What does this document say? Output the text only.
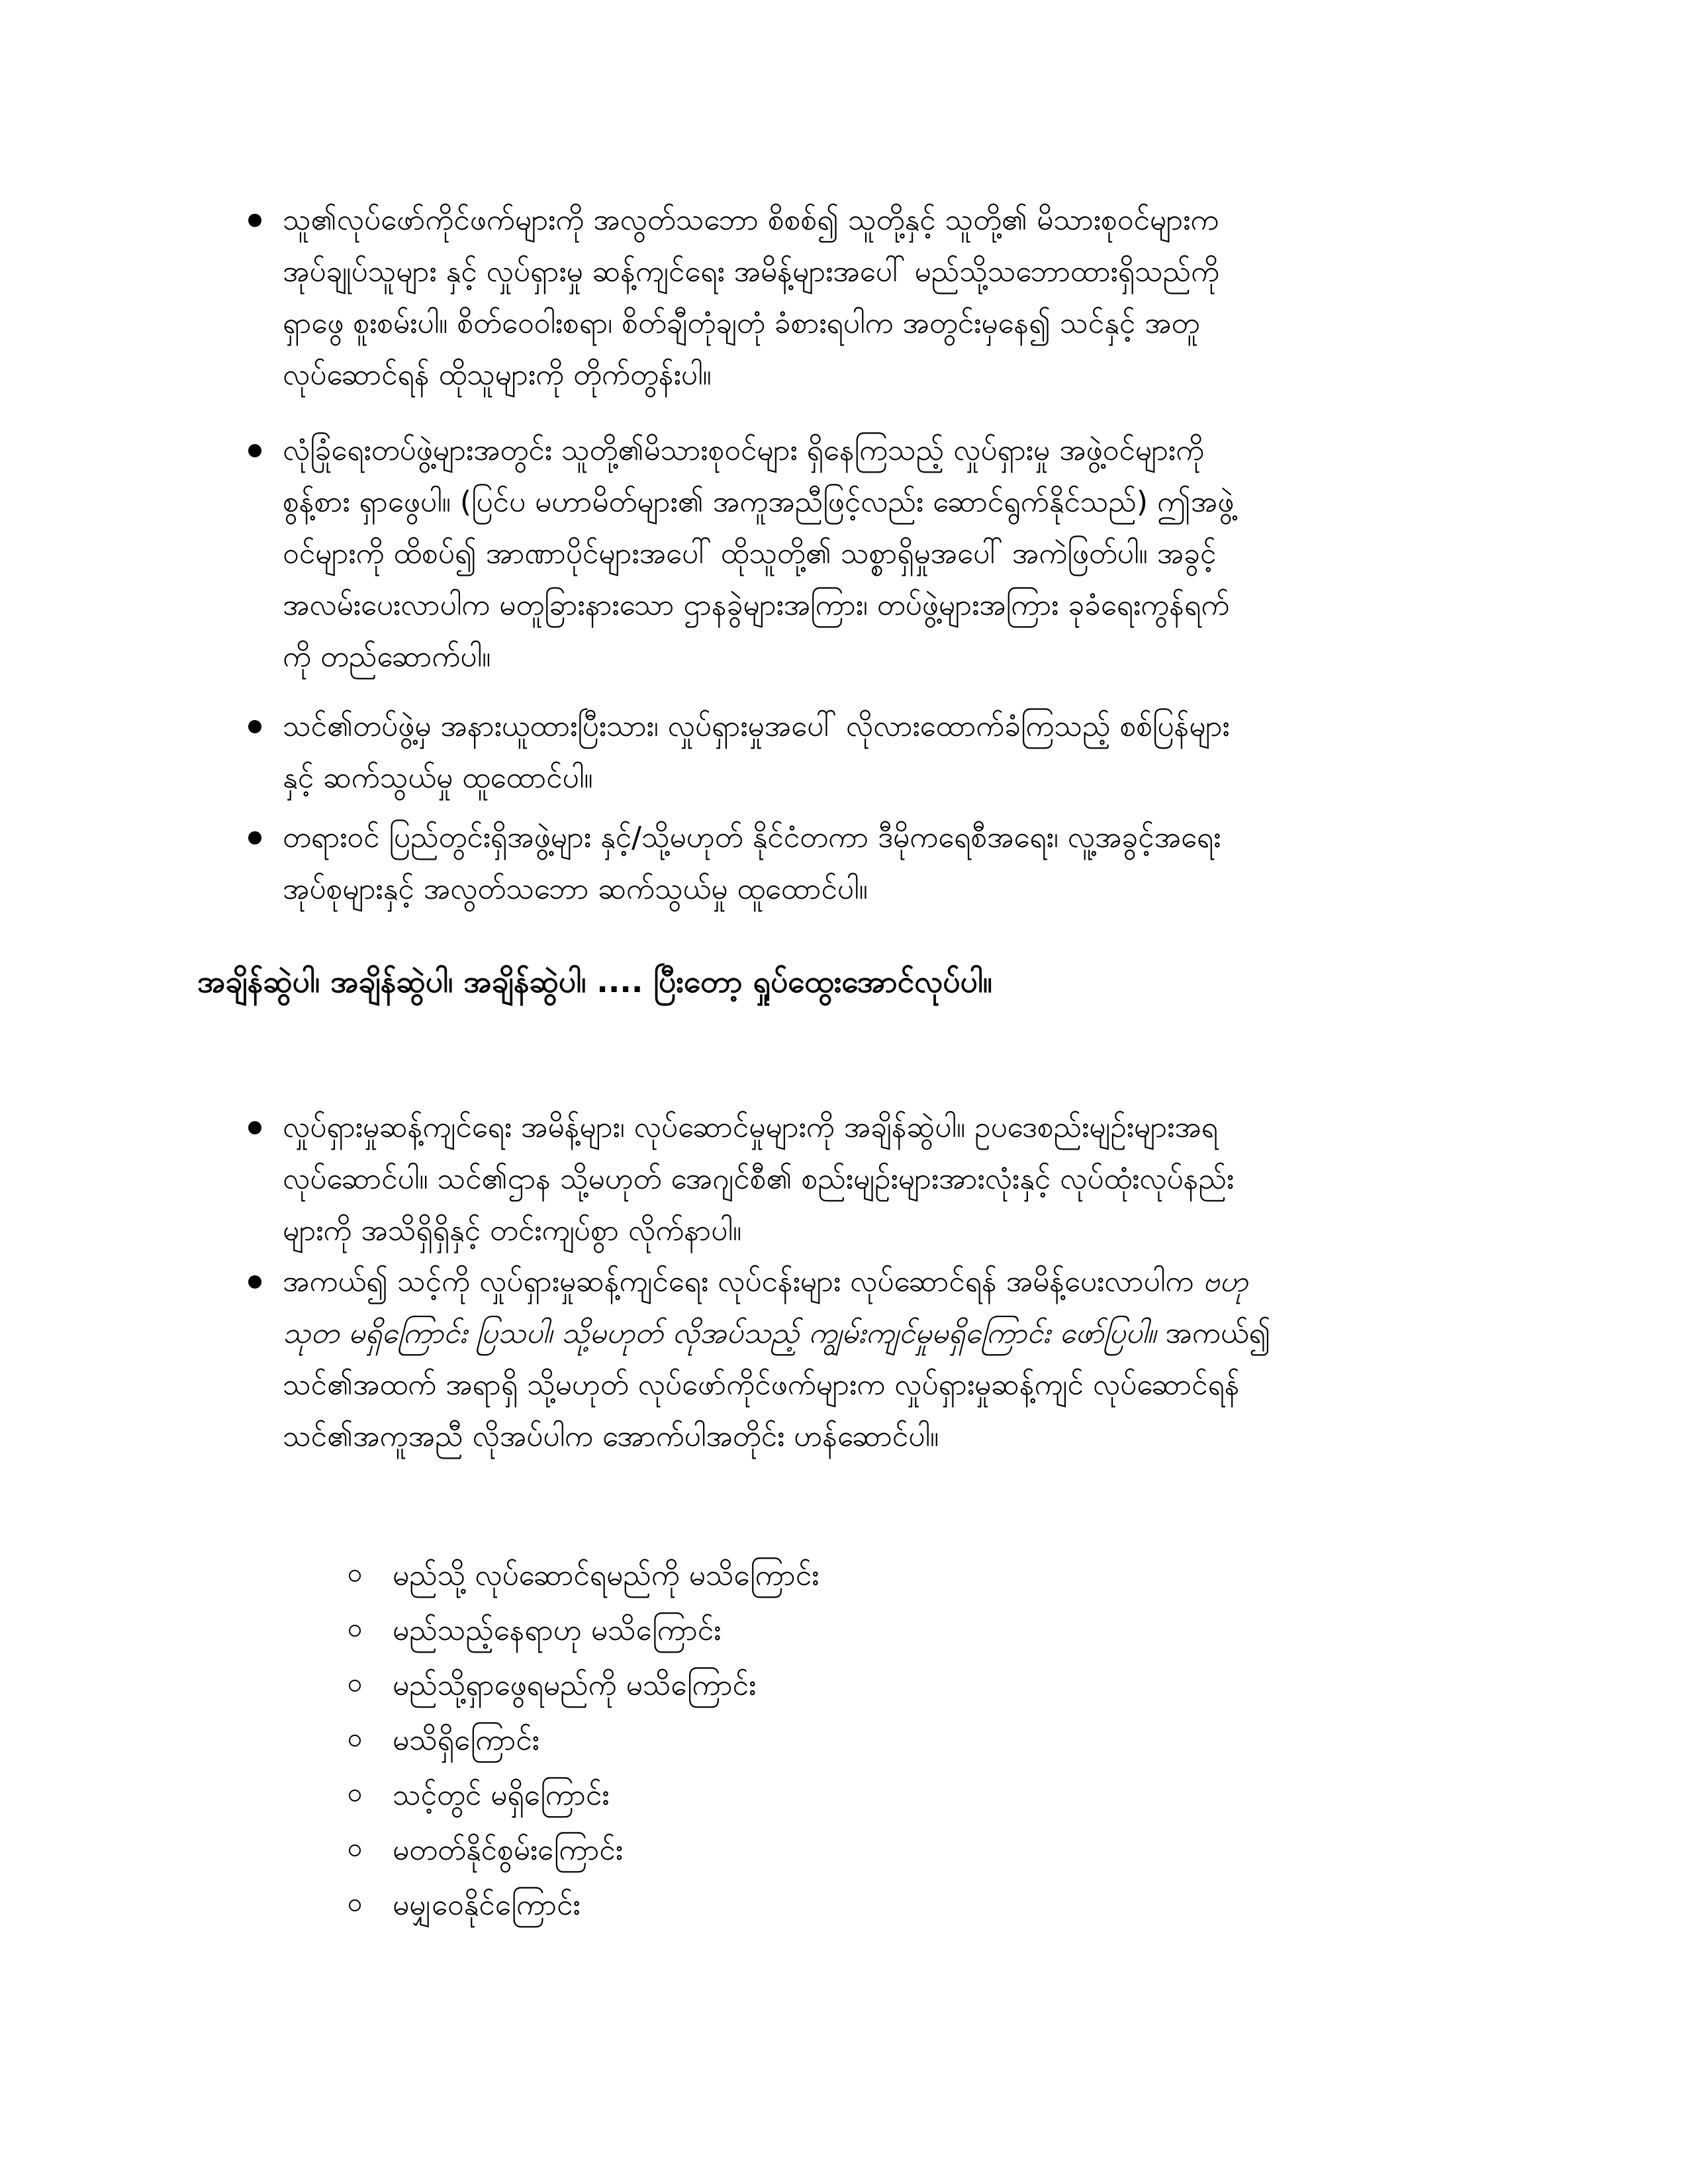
သူ၏လုပ်ဖော်ကိုင်ဖက်များကို အလွတ်သဘော စိစစ်၍ သူတို့နှင့် သူတို့၏ မိသားစုဝင်များက
အုပ်ချုပ်သူများ နှင့် လှုပ်ရှားမှု ဆန့်ကျင်ရေး အမိန့်များအပေါ် မည်သို့သဘောထားရှိသည်ကို
ရှာဖွေ စူးစမ်းပါ။ စိတ်ဝေဝါးစရာ၊ စိတ်ချီတုံချတုံ ခံစားရပါက အတွင်းမှနေ၍ သင်နှင့် အတူ
လုပ်ဆောင်ရန် ထိုသူများကို တိုက်တွန်းပါ။
လုံခြုံရေးတပ်ဖွဲ့များအတွင်း သူတို့၏မိသားစုဝင်များ ရှိနေကြသည့် လှုပ်ရှားမှု အဖွဲ့ဝင်များကို
စွန့်စား ရှာဖွေပါ။ (ပြင်ပ မဟာမိတ်များ၏ အကူအညီဖြင့်လည်း ဆောင်ရွက်နိုင်သည်) ဤအဖွဲ့
ဝင်များကို ထိစပ်၍ အာဏာပိုင်များအပေါ် ထိုသူတို့၏ သစ္စာရှိမှုအပေါ် အကဲဖြတ်ပါ။ အခွင့်
အလမ်းပေးလာပါက မတူခြားနားသော ဌာနခွဲများအကြား၊ တပ်ဖွဲ့များအကြား ခုခံရေးကွန်ရက်
ကို တည်ဆောက်ပါ။
သင်၏တပ်ဖွဲ့မှ အနားယူထားပြီးသား၊ လှုပ်ရှားမှုအပေါ် လိုလားထောက်ခံကြသည့် စစ်ပြန်များ
နှင့် ဆက်သွယ်မှု ထူထောင်ပါ။
တရားဝင် ပြည်တွင်းရှိအဖွဲ့များ နှင့်/သို့မဟုတ် နိုင်ငံတကာ ဒီမိုကရေစီအရေး၊ လူ့အခွင့်အရေး
အုပ်စုများနှင့် အလွတ်သဘော ဆက်သွယ်မှု ထူထောင်ပါ။
အချိန်ဆွဲပါ၊ အချိန်ဆွဲပါ၊ အချိန်ဆွဲပါ၊ .... ပြီးတော့ ရှုပ်ထွေးအောင်လုပ်ပါ။
လှုပ်ရှားမှုဆန့်ကျင်ရေး အမိန့်များ၊ လုပ်ဆောင်မှုများကို အချိန်ဆွဲပါ။ ဥပဒေစည်းမျဉ်းများအရ
လုပ်ဆောင်ပါ။ သင်၏ဌာန သို့မဟုတ် အေဂျင်စီ၏ စည်းမျဉ်းများအားလုံးနှင့် လုပ်ထုံးလုပ်နည်း
များကို အသိရှိရှိနှင့် တင်းကျပ်စွာ လိုက်နာပါ။
အကယ်၍ သင့်ကို လှုပ်ရှားမှုဆန့်ကျင်ရေး လုပ်ငန်းများ လုပ်ဆောင်ရန် အမိန့်ပေးလာပါက ဗဟု
သုတ မရှိကြောင်း ပြသပါ၊ သို့မဟုတ် လိုအပ်သည့် ကျွမ်းကျင်မှုမရှိကြောင်း ဖော်ပြပါ။ အကယ်၍
သင်၏အထက် အရာရှိ သို့မဟုတ် လုပ်ဖော်ကိုင်ဖက်များက လှုပ်ရှားမှုဆန့်ကျင် လုပ်ဆောင်ရန်
သင်၏အကူအညီ လိုအပ်ပါက အောက်ပါအတိုင်း ဟန်ဆောင်ပါ။
မည်သို့ လုပ်ဆောင်ရမည်ကို မသိကြောင်း
မည်သည့်နေရာဟု မသိကြောင်း
မည်သို့ရှာဖွေရမည်ကို မသိကြောင်း
မသိရှိကြောင်း
သင့်တွင် မရှိကြောင်း
မတတ်နိုင်စွမ်းကြောင်း
မမျှဝေနိုင်ကြောင်း
